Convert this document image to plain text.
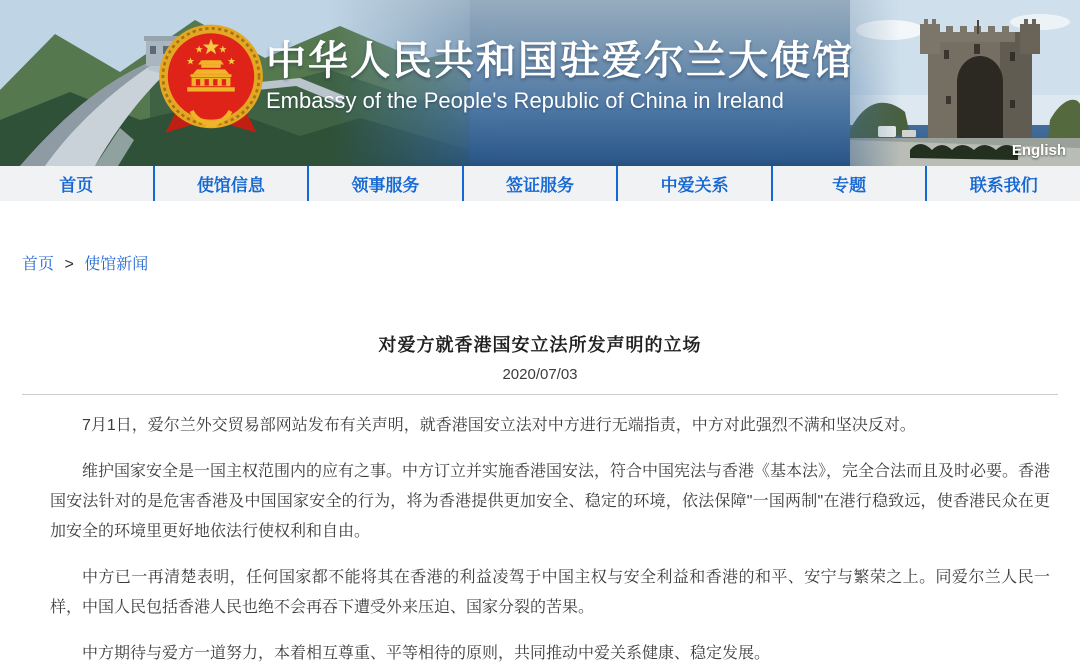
中华人民共和国驻爱尔兰大使馆
Embassy of the People's Republic of China in Ireland
English
首页	使馆信息	领事服务	签证服务	中爱关系	专题	联系我们
首页 > 使馆新闻
对爱方就香港国安立法所发声明的立场
2020/07/03

7月1日，爱尔兰外交贸易部网站发布有关声明，就香港国安立法对中方进行无端指责，中方对此强烈不满和坚决反对。

维护国家安全是一国主权范围内的应有之事。中方订立并实施香港国安法，符合中国宪法与香港《基本法》，完全合法而且及时必要。香港国安法针对的是危害香港及中国国家安全的行为，将为香港提供更加安全、稳定的环境，依法保障"一国两制"在港行稳致远，使香港民众在更加安全的环境里更好地依法行使权利和自由。

中方已一再清楚表明，任何国家都不能将其在香港的利益凌驾于中国主权与安全利益和香港的和平、安宁与繁荣之上。同爱尔兰人民一样，中国人民包括香港人民也绝不会再吞下遭受外来压迫、国家分裂的苦果。

中方期待与爱方一道努力，本着相互尊重、平等相待的原则，共同推动中爱关系健康、稳定发展。
